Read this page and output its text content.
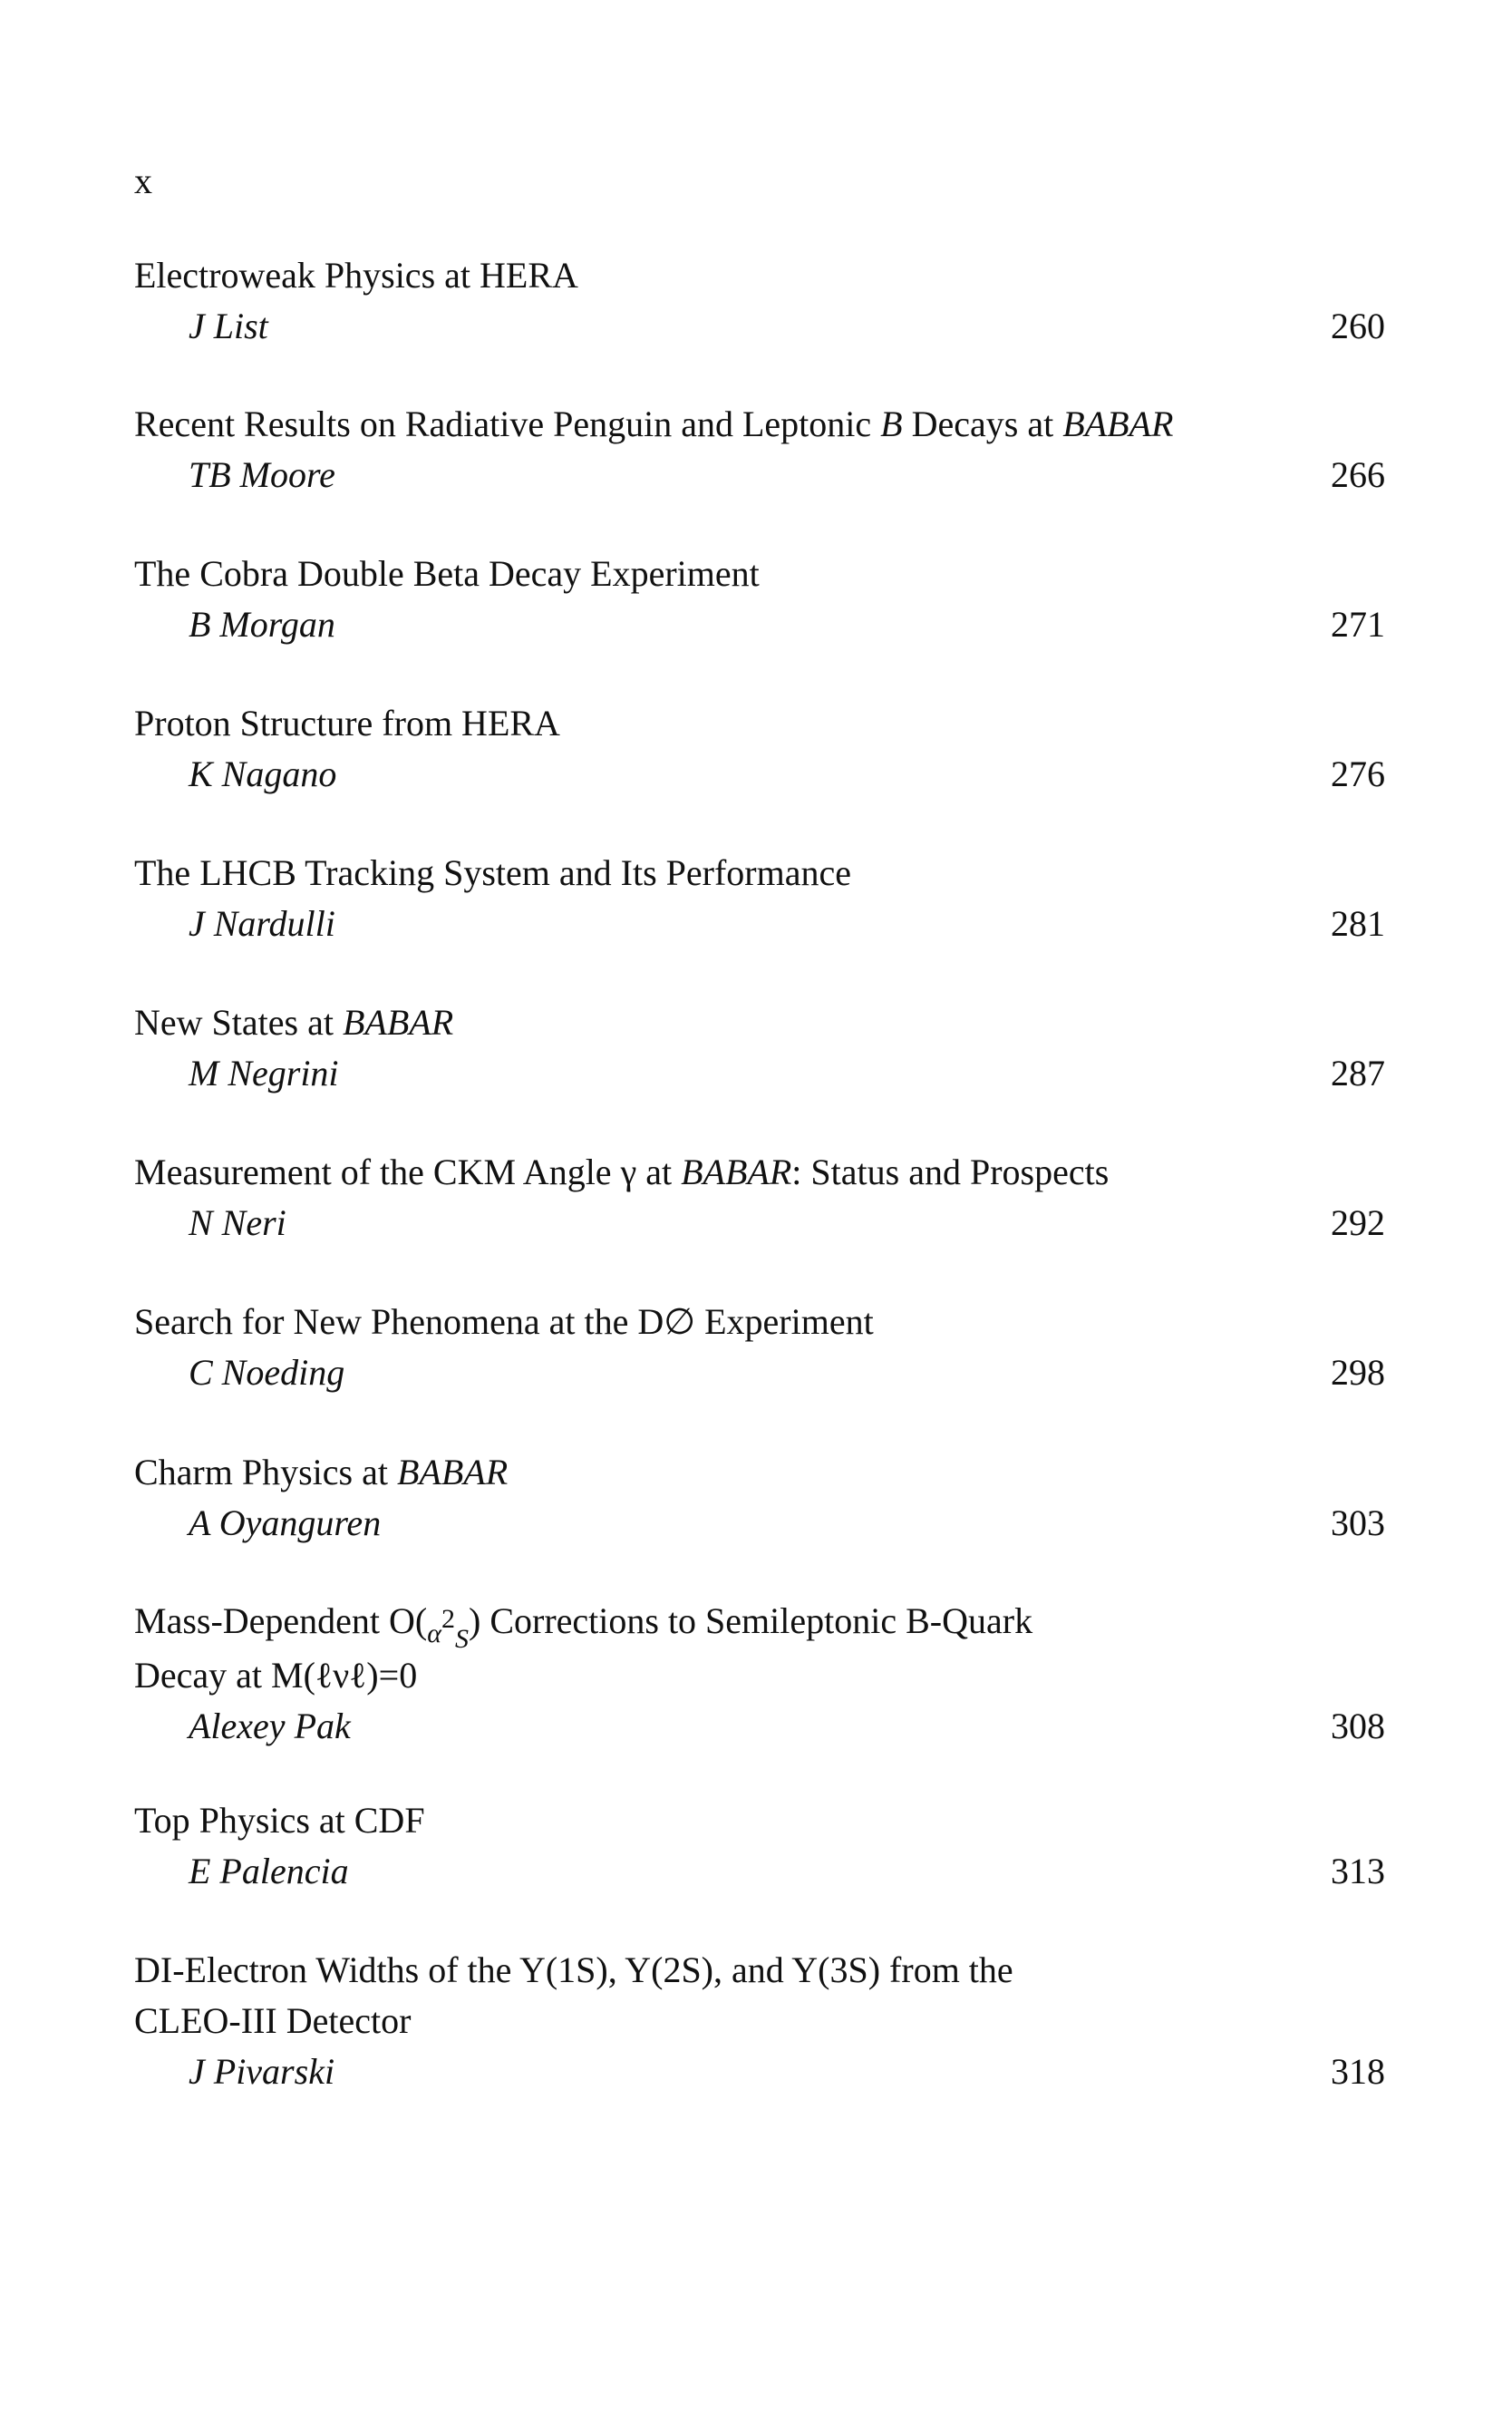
x
Electroweak Physics at HERA
J List	260
Recent Results on Radiative Penguin and Leptonic B Decays at BABAR
TB Moore	266
The Cobra Double Beta Decay Experiment
B Morgan	271
Proton Structure from HERA
K Nagano	276
The LHCB Tracking System and Its Performance
J Nardulli	281
New States at BABAR
M Negrini	287
Measurement of the CKM Angle γ at BABAR: Status and Prospects
N Neri	292
Search for New Phenomena at the D∅ Experiment
C Noeding	298
Charm Physics at BABAR
A Oyanguren	303
Mass-Dependent $O(_\alpha 2_S)$ Corrections to Semileptonic B-Quark
Decay at M(ℓνℓ)=0
Alexey Pak	308
Top Physics at CDF
E Palencia	313
DI-Electron Widths of the Y(1S), Y(2S), and Y(3S) from the
CLEO-III Detector
J Pivarski	318
